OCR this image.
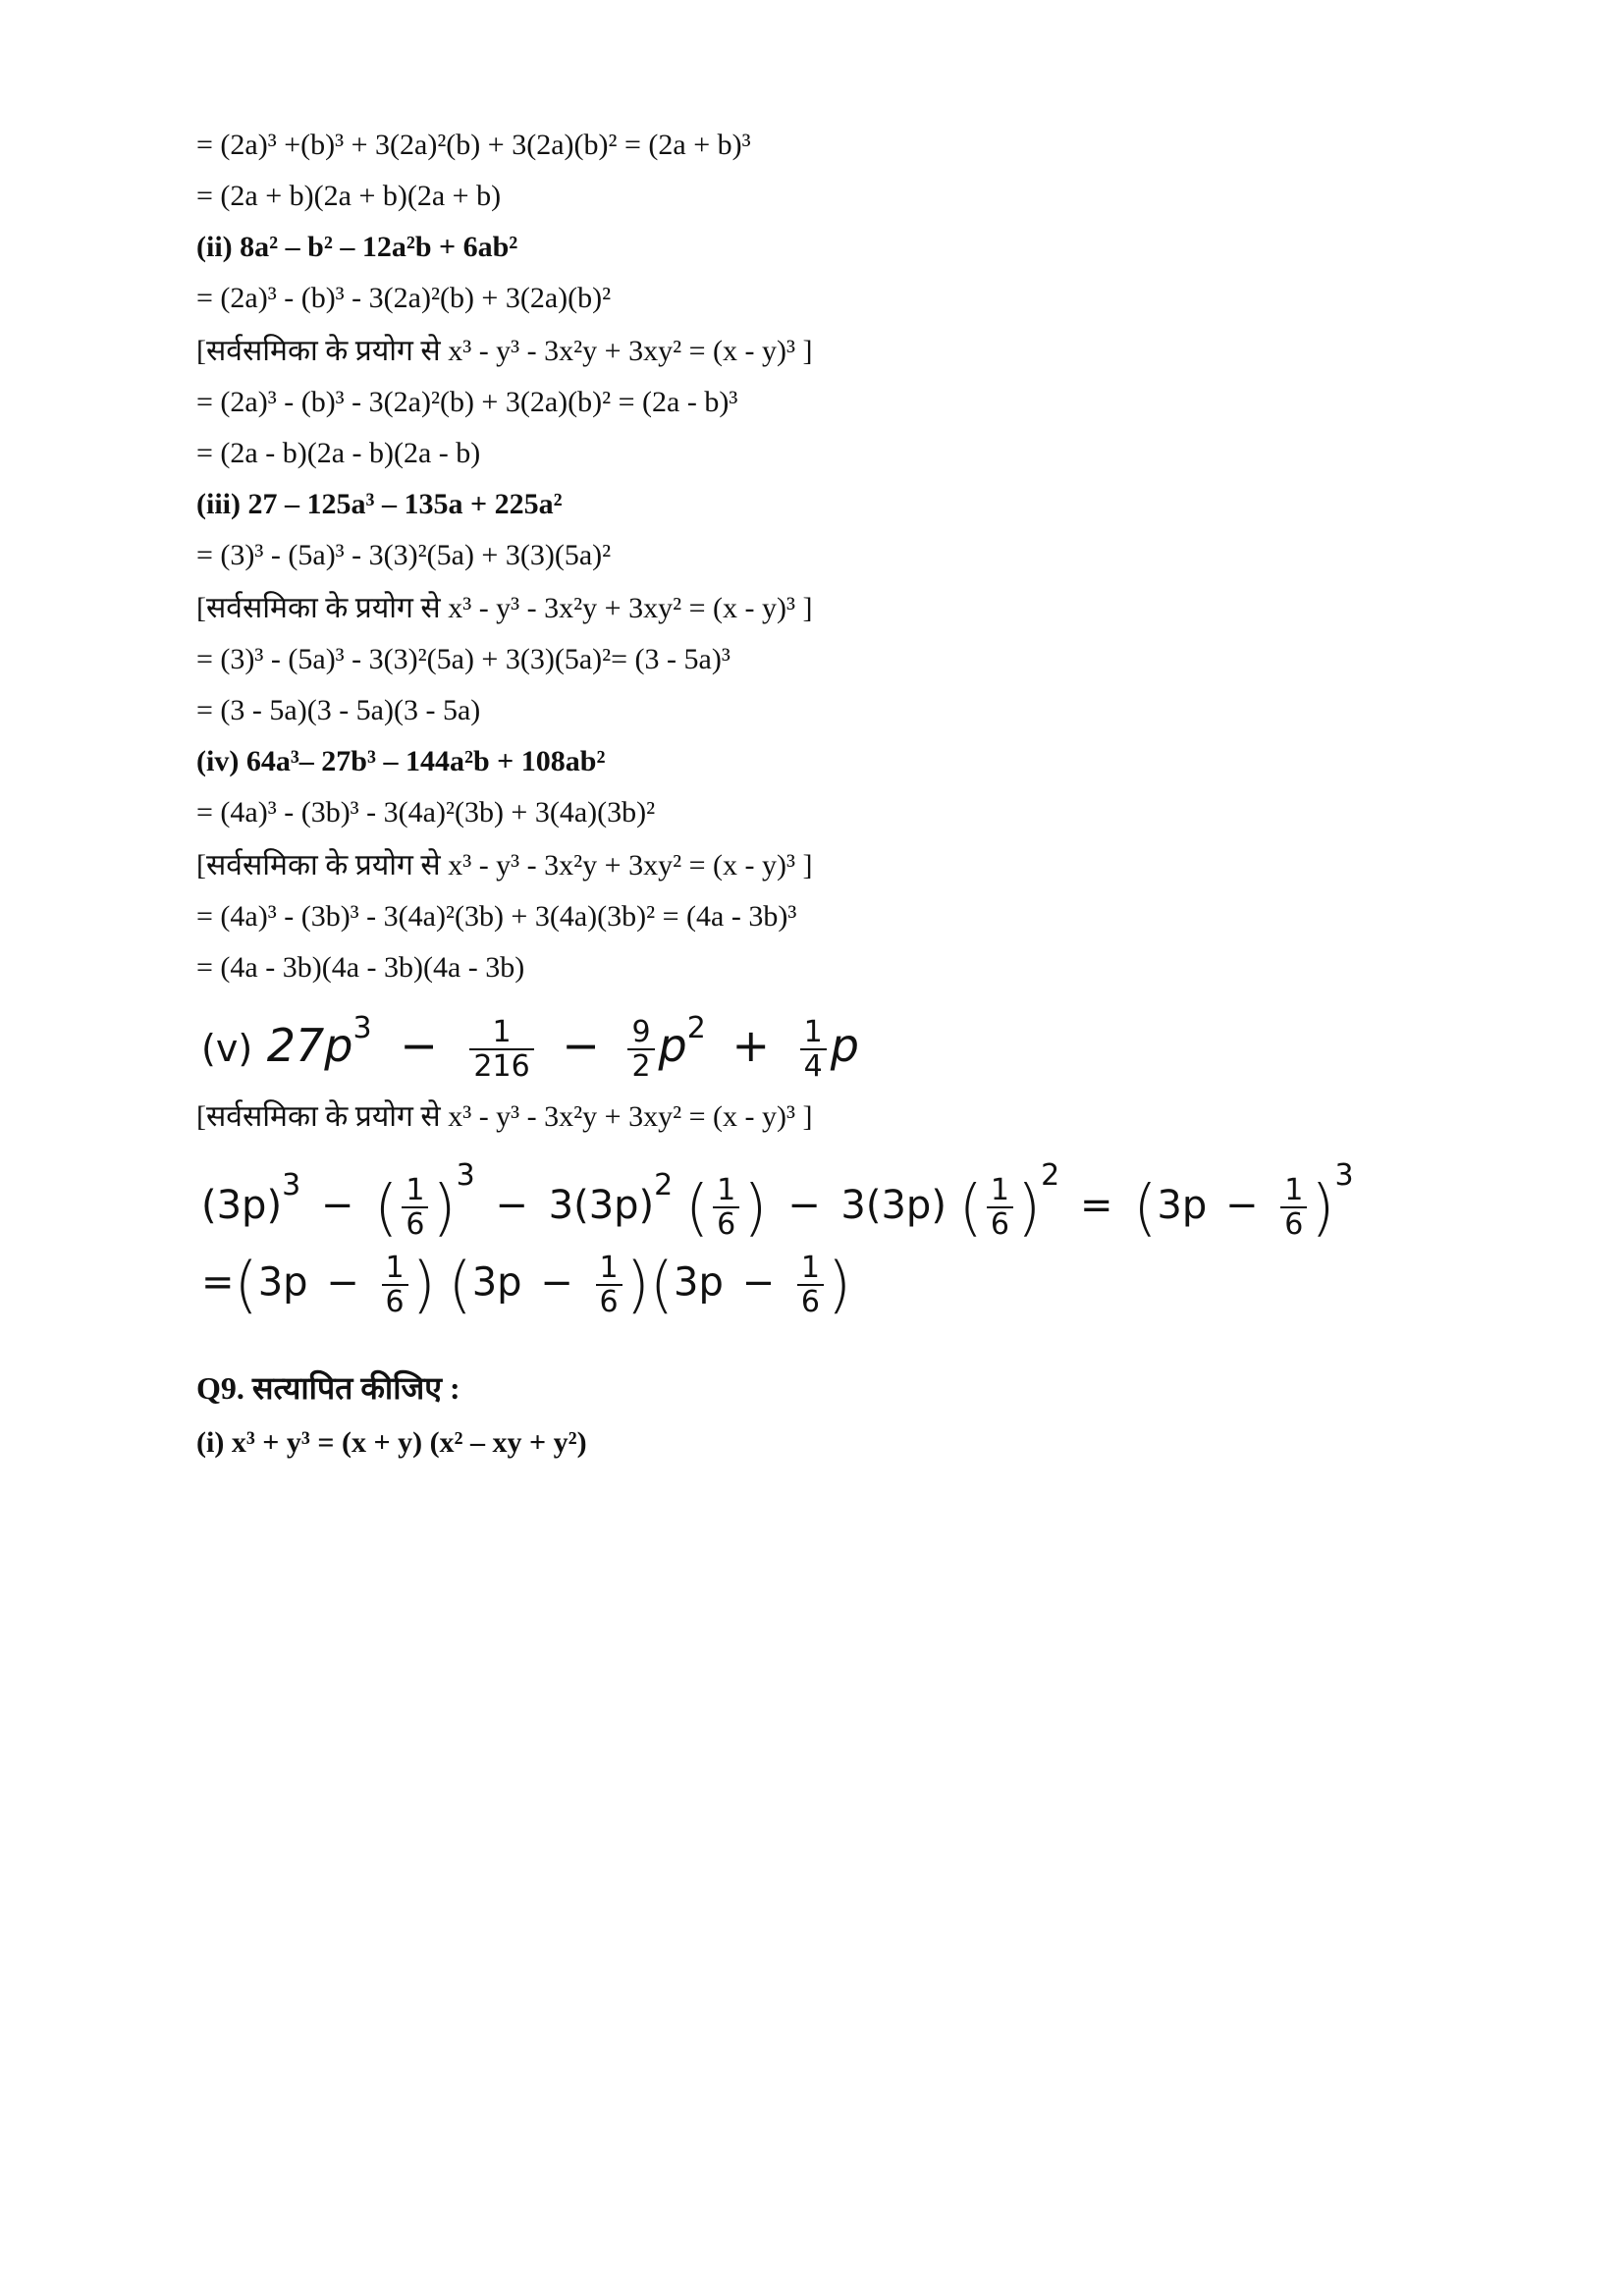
= (2a)³ +(b)³ + 3(2a)²(b) + 3(2a)(b)² = (2a + b)³
= (2a + b)(2a + b)(2a + b)
(ii) 8a² – b² – 12a²b + 6ab²
= (2a)³ - (b)³ - 3(2a)²(b) + 3(2a)(b)²
[सर्वसमिका के प्रयोग से x³ - y³ - 3x²y + 3xy² = (x - y)³ ]
= (2a)³ - (b)³ - 3(2a)²(b) + 3(2a)(b)² = (2a - b)³
= (2a - b)(2a - b)(2a - b)
(iii) 27 – 125a³ – 135a + 225a²
= (3)³ - (5a)³ - 3(3)²(5a) + 3(3)(5a)²
[सर्वसमिका के प्रयोग से x³ - y³ - 3x²y + 3xy² = (x - y)³ ]
= (3)³ - (5a)³ - 3(3)²(5a) + 3(3)(5a)²= (3 - 5a)³
= (3 - 5a)(3 - 5a)(3 - 5a)
(iv) 64a³– 27b³ – 144a²b + 108ab²
= (4a)³ - (3b)³ - 3(4a)²(3b) + 3(4a)(3b)²
[सर्वसमिका के प्रयोग से x³ - y³ - 3x²y + 3xy² = (x - y)³ ]
= (4a)³ - (3b)³ - 3(4a)²(3b) + 3(4a)(3b)² = (4a - 3b)³
= (4a - 3b)(4a - 3b)(4a - 3b)
(v) $27p^3 - \frac{1}{216} - \frac{9}{2} p^2 + \frac{1}{4}$ p
[सर्वसमिका के प्रयोग से x³ - y³ - 3x²y + 3xy² = (x - y)³ ]
$(3p)^3$ − ( $\frac{1}{6} )^3 - 3(3p)^2$ ( $\frac{1}{6}$ ) − 3(3p) ( $\frac{1}{6} )^2 = (3p - \frac{1}{6} )^3$
$=(3p - \frac{1}{6}$ ) $(3p - \frac{1}{6} )(3p - \frac{1}{6}$ )
Q9. सत्यापित कीजिए :
(i) x³ + y³ = (x + y) (x² – xy + y²)
